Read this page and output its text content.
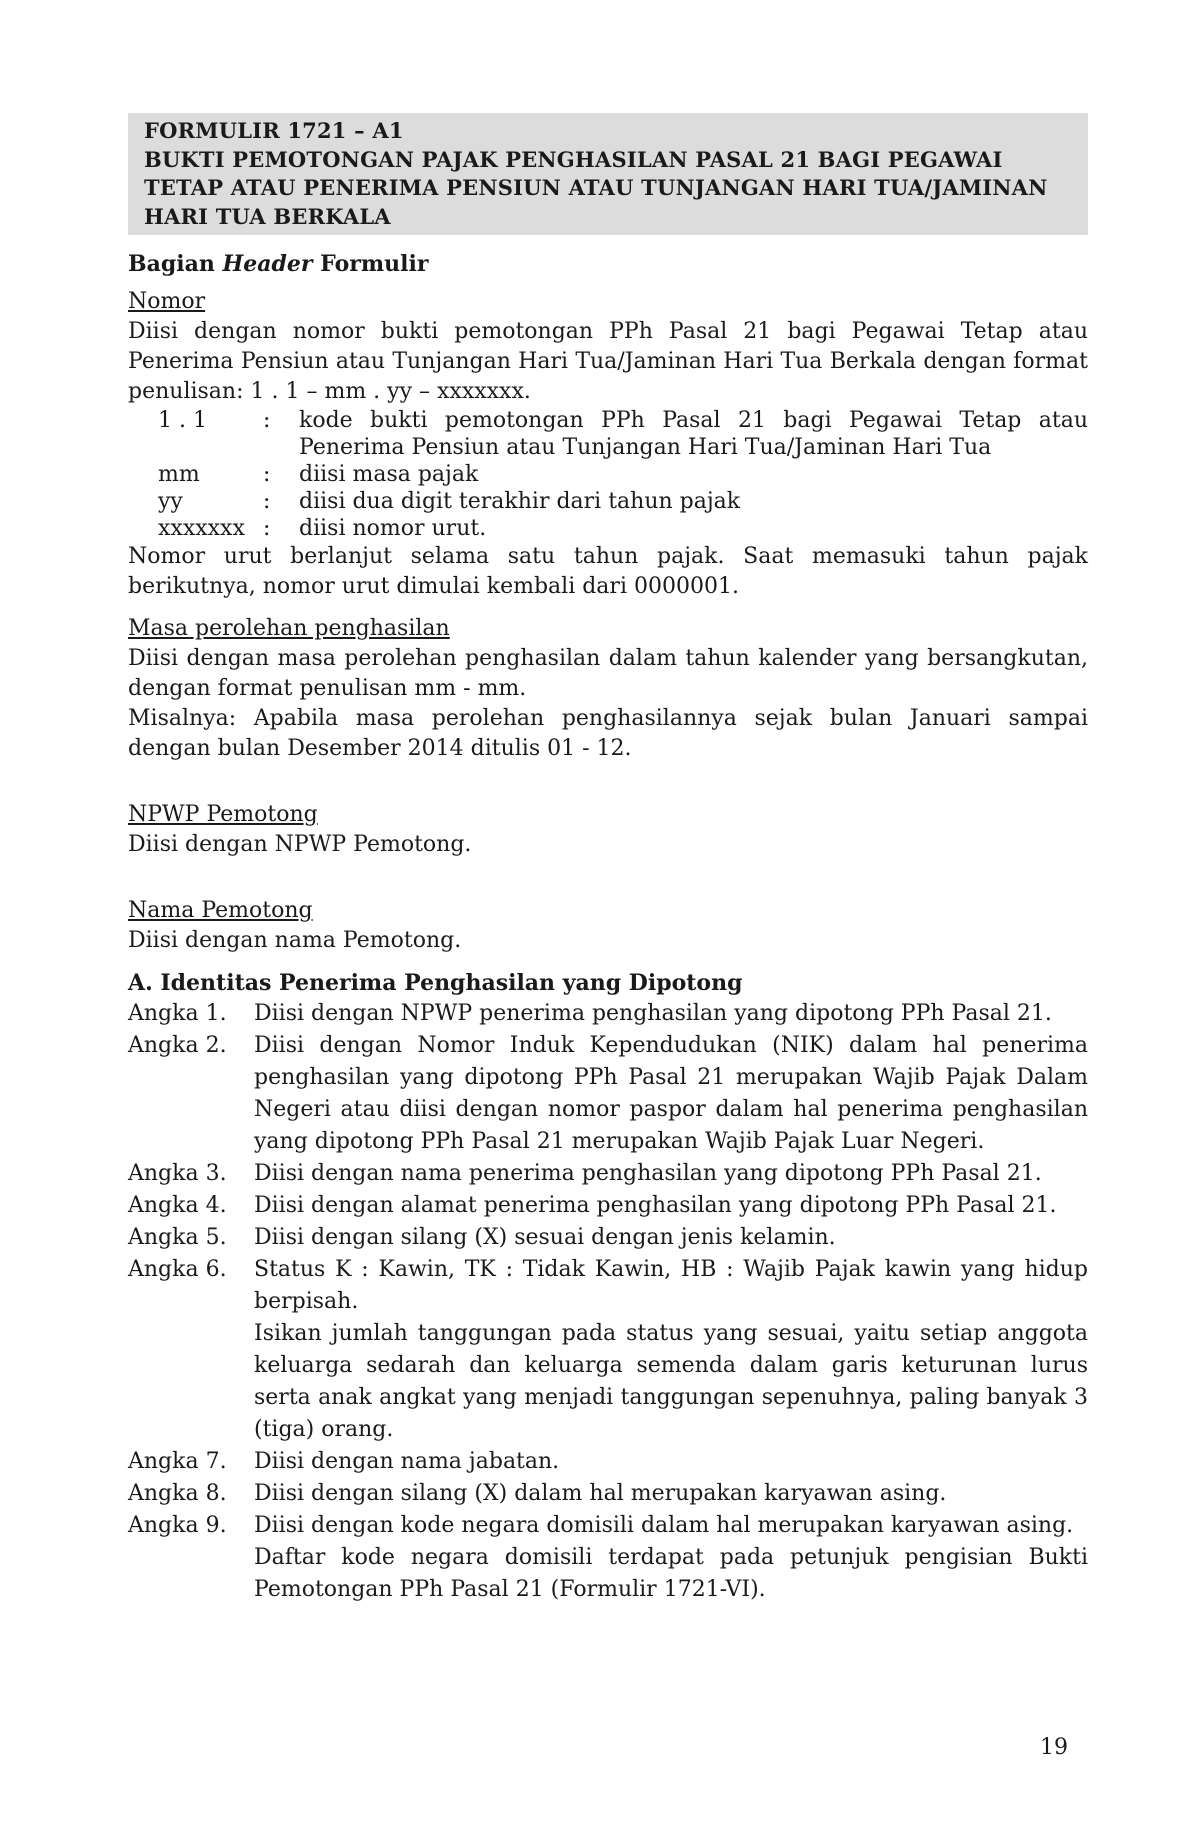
FORMULIR 1721 – A1
BUKTI PEMOTONGAN PAJAK PENGHASILAN PASAL 21 BAGI PEGAWAI
TETAP ATAU PENERIMA PENSIUN ATAU TUNJANGAN HARI TUA/JAMINAN
HARI TUA BERKALA
Bagian Header Formulir
Nomor

Diisi dengan nomor bukti pemotongan PPh Pasal 21 bagi Pegawai Tetap atau Penerima Pensiun atau Tunjangan Hari Tua/Jaminan Hari Tua Berkala dengan format penulisan: 1 . 1 – mm . yy – xxxxxxx.

1 . 1	:	kode bukti pemotongan PPh Pasal 21 bagi Pegawai Tetap atau Penerima Pensiun atau Tunjangan Hari Tua/Jaminan Hari Tua
mm	:	diisi masa pajak
yy	:	diisi dua digit terakhir dari tahun pajak
xxxxxxx :	diisi nomor urut.

Nomor urut berlanjut selama satu tahun pajak. Saat memasuki tahun pajak berikutnya, nomor urut dimulai kembali dari 0000001.

Masa perolehan penghasilan

Diisi dengan masa perolehan penghasilan dalam tahun kalender yang bersangkutan, dengan format penulisan mm - mm.

Misalnya: Apabila masa perolehan penghasilannya sejak bulan Januari sampai dengan bulan Desember 2014 ditulis 01 - 12.

NPWP Pemotong

Diisi dengan NPWP Pemotong.

Nama Pemotong

Diisi dengan nama Pemotong.

A. Identitas Penerima Penghasilan yang Dipotong
Angka 1.	Diisi dengan NPWP penerima penghasilan yang dipotong PPh Pasal 21.

Angka 2.	Diisi dengan Nomor Induk Kependudukan (NIK) dalam hal penerima penghasilan yang dipotong PPh Pasal 21 merupakan Wajib Pajak Dalam Negeri atau diisi dengan nomor paspor dalam hal penerima penghasilan yang dipotong PPh Pasal 21 merupakan Wajib Pajak Luar Negeri.

Angka 3.	Diisi dengan nama penerima penghasilan yang dipotong PPh Pasal 21.

Angka 4.	Diisi dengan alamat penerima penghasilan yang dipotong PPh Pasal 21.

Angka 5.	Diisi dengan silang (X) sesuai dengan jenis kelamin.

Angka 6.	Status K : Kawin, TK : Tidak Kawin, HB : Wajib Pajak kawin yang hidup berpisah.

Isikan jumlah tanggungan pada status yang sesuai, yaitu setiap anggota keluarga sedarah dan keluarga semenda dalam garis keturunan lurus serta anak angkat yang menjadi tanggungan sepenuhnya, paling banyak 3 (tiga) orang.

Angka 7.	Diisi dengan nama jabatan.

Angka 8.	Diisi dengan silang (X) dalam hal merupakan karyawan asing.

Angka 9.	Diisi dengan kode negara domisili dalam hal merupakan karyawan asing.

Daftar kode negara domisili terdapat pada petunjuk pengisian Bukti Pemotongan PPh Pasal 21 (Formulir 1721-VI).

19
